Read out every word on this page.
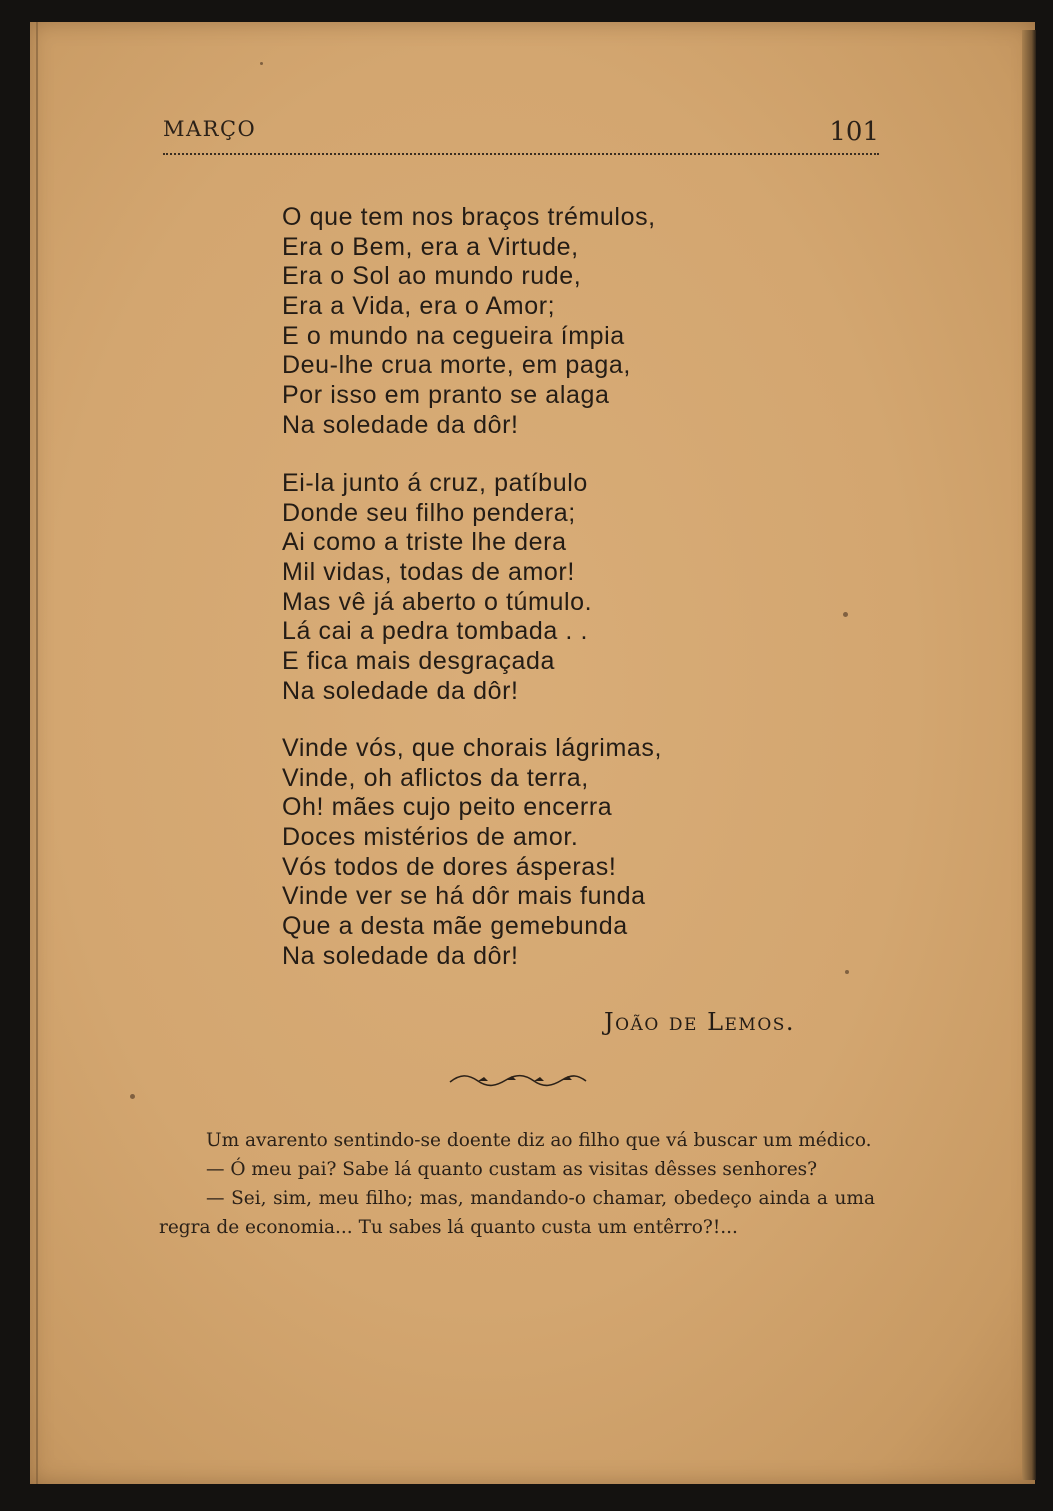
MARÇO	101
O que tem nos braços trémulos,
Era o Bem, era a Virtude,
Era o Sol ao mundo rude,
Era a Vida, era o Amor;
E o mundo na cegueira ímpia
Deu-lhe crua morte, em paga,
Por isso em pranto se alaga
Na soledade da dôr!
Ei-la junto á cruz, patíbulo
Donde seu filho pendera;
Ai como a triste lhe dera
Mil vidas, todas de amor!
Mas vê já aberto o túmulo.
Lá cai a pedra tombada . .
E fica mais desgraçada
Na soledade da dôr!
Vinde vós, que chorais lágrimas,
Vinde, oh aflictos da terra,
Oh! mães cujo peito encerra
Doces mistérios de amor.
Vós todos de dores ásperas!
Vinde ver se há dôr mais funda
Que a desta mãe gemebunda
Na soledade da dôr!
João de Lemos.

Um avarento sentindo-se doente diz ao filho que vá buscar um médico.

— Ó meu pai? Sabe lá quanto custam as visitas dêsses senhores?

— Sei, sim, meu filho; mas, mandando-o chamar, obedeço ainda a uma regra de economia... Tu sabes lá quanto custa um entêrro?!...
